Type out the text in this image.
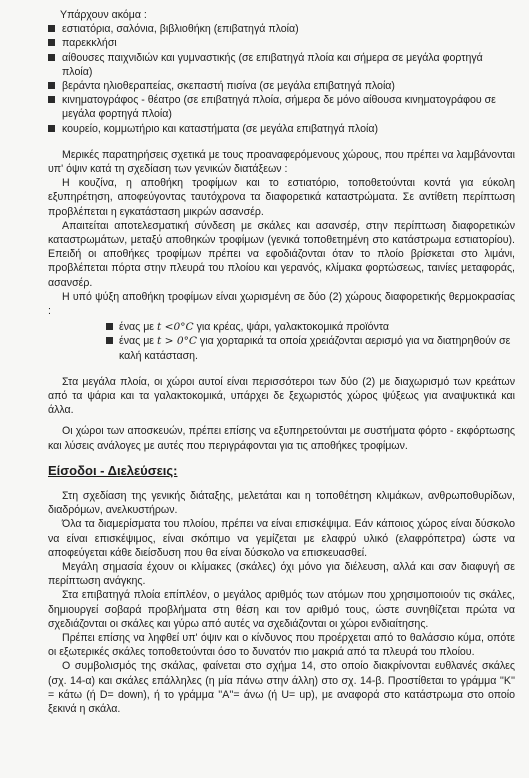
Υπάρχουν ακόμα :
εστιατόρια, σαλόνια, βιβλιοθήκη (επιβατηγά πλοία)
παρεκκλήσι
αίθουσες παιχνιδιών και γυμναστικής (σε επιβατηγά πλοία και σήμερα σε μεγάλα φορτηγά πλοία)
βεράντα ηλιοθεραπείας, σκεπαστή πισίνα (σε μεγάλα επιβατηγά πλοία)
κινηματογράφος - θέατρο (σε επιβατηγά πλοία, σήμερα δε μόνο αίθουσα κινηματογράφου σε μεγάλα φορτηγά πλοία)
κουρείο, κομμωτήριο και καταστήματα (σε μεγάλα επιβατηγά πλοία)

Μερικές παρατηρήσεις σχετικά με τους προαναφερόμενους χώρους, που πρέπει να λαμβάνονται υπ' όψιν κατά τη σχεδίαση των γενικών διατάξεων :

Η κουζίνα, η αποθήκη τροφίμων και το εστιατόριο, τοποθετούνται κοντά για εύκολη εξυπηρέτηση, αποφεύγοντας ταυτόχρονα τα διαφορετικά καταστρώματα. Σε αντίθετη περίπτωση προβλέπεται η εγκατάσταση μικρών ασανσέρ.

Απαιτείται αποτελεσματική σύνδεση με σκάλες και ασανσέρ, στην περίπτωση διαφορετικών καταστρωμάτων, μεταξύ αποθηκών τροφίμων (γενικά τοποθετημένη στο κατάστρωμα εστιατορίου). Επειδή οι αποθήκες τροφίμων πρέπει να εφοδιάζονται όταν το πλοίο βρίσκεται στο λιμάνι, προβλέπεται πόρτα στην πλευρά του πλοίου και γερανός, κλίμακα φορτώσεως, ταινίες μεταφοράς, ασανσέρ.

Η υπό ψύξη αποθήκη τροφίμων είναι χωρισμένη σε δύο (2) χώρους διαφορετικής θερμοκρασίας :

ένας με t <0°C για κρέας, ψάρι, γαλακτοκομικά προϊόντα
ένας με t > 0°C για χορταρικά τα οποία χρειάζονται αερισμό για να διατηρηθούν σε καλή κατάσταση.

Στα μεγάλα πλοία, οι χώροι αυτοί είναι περισσότεροι των δύο (2) με διαχωρισμό των κρεάτων από τα ψάρια και τα γαλακτοκομικά, υπάρχει δε ξεχωριστός χώρος ψύξεως για αναψυκτικά και άλλα.

Οι χώροι των αποσκευών, πρέπει επίσης να εξυπηρετούνται με συστήματα φόρτο - εκφόρτωσης και λύσεις ανάλογες με αυτές που περιγράφονται για τις αποθήκες τροφίμων.

Είσοδοι - Διελεύσεις:

Στη σχεδίαση της γενικής διάταξης, μελετάται και η τοποθέτηση κλιμάκων, ανθρωποθυρίδων, διαδρόμων, ανελκυστήρων.

Όλα τα διαμερίσματα του πλοίου, πρέπει να είναι επισκέψιμα. Εάν κάποιος χώρος είναι δύσκολο να είναι επισκέψιμος, είναι σκόπιμο να γεμίζεται με ελαφρύ υλικό (ελαφρόπετρα) ώστε να αποφεύγεται κάθε διείσδυση που θα είναι δύσκολο να επισκευασθεί.

Μεγάλη σημασία έχουν οι κλίμακες (σκάλες) όχι μόνο για διέλευση, αλλά και σαν διαφυγή σε περίπτωση ανάγκης.

Στα επιβατηγά πλοία επίπλέον, ο μεγάλος αριθμός των ατόμων που χρησιμοποιούν τις σκάλες, δημιουργεί σοβαρά προβλήματα στη θέση και τον αριθμό τους, ώστε συνηθίζεται πρώτα να σχεδιάζονται οι σκάλες και γύρω από αυτές να σχεδιάζονται οι χώροι ενδιαίτησης.

Πρέπει επίσης να ληφθεί υπ' όψιν και ο κίνδυνος που προέρχεται από το θαλάσσιο κύμα, οπότε οι εξωτερικές σκάλες τοποθετούνται όσο το δυνατόν πιο μακριά από τα πλευρά του πλοίου.

Ο συμβολισμός της σκάλας, φαίνεται στο σχήμα 14, στο οποίο διακρίνονται ευθλανές σκάλες (σχ. 14-α) και σκάλες επάλληλες (η μία πάνω στην άλλη) στο σχ. 14-β. Προστίθεται το γράμμα ''Κ'' = κάτω (ή D= down), ή το γράμμα ''Α''= άνω (ή U= up), με αναφορά στο κατάστρωμα στο οποίο ξεκινά η σκάλα.
